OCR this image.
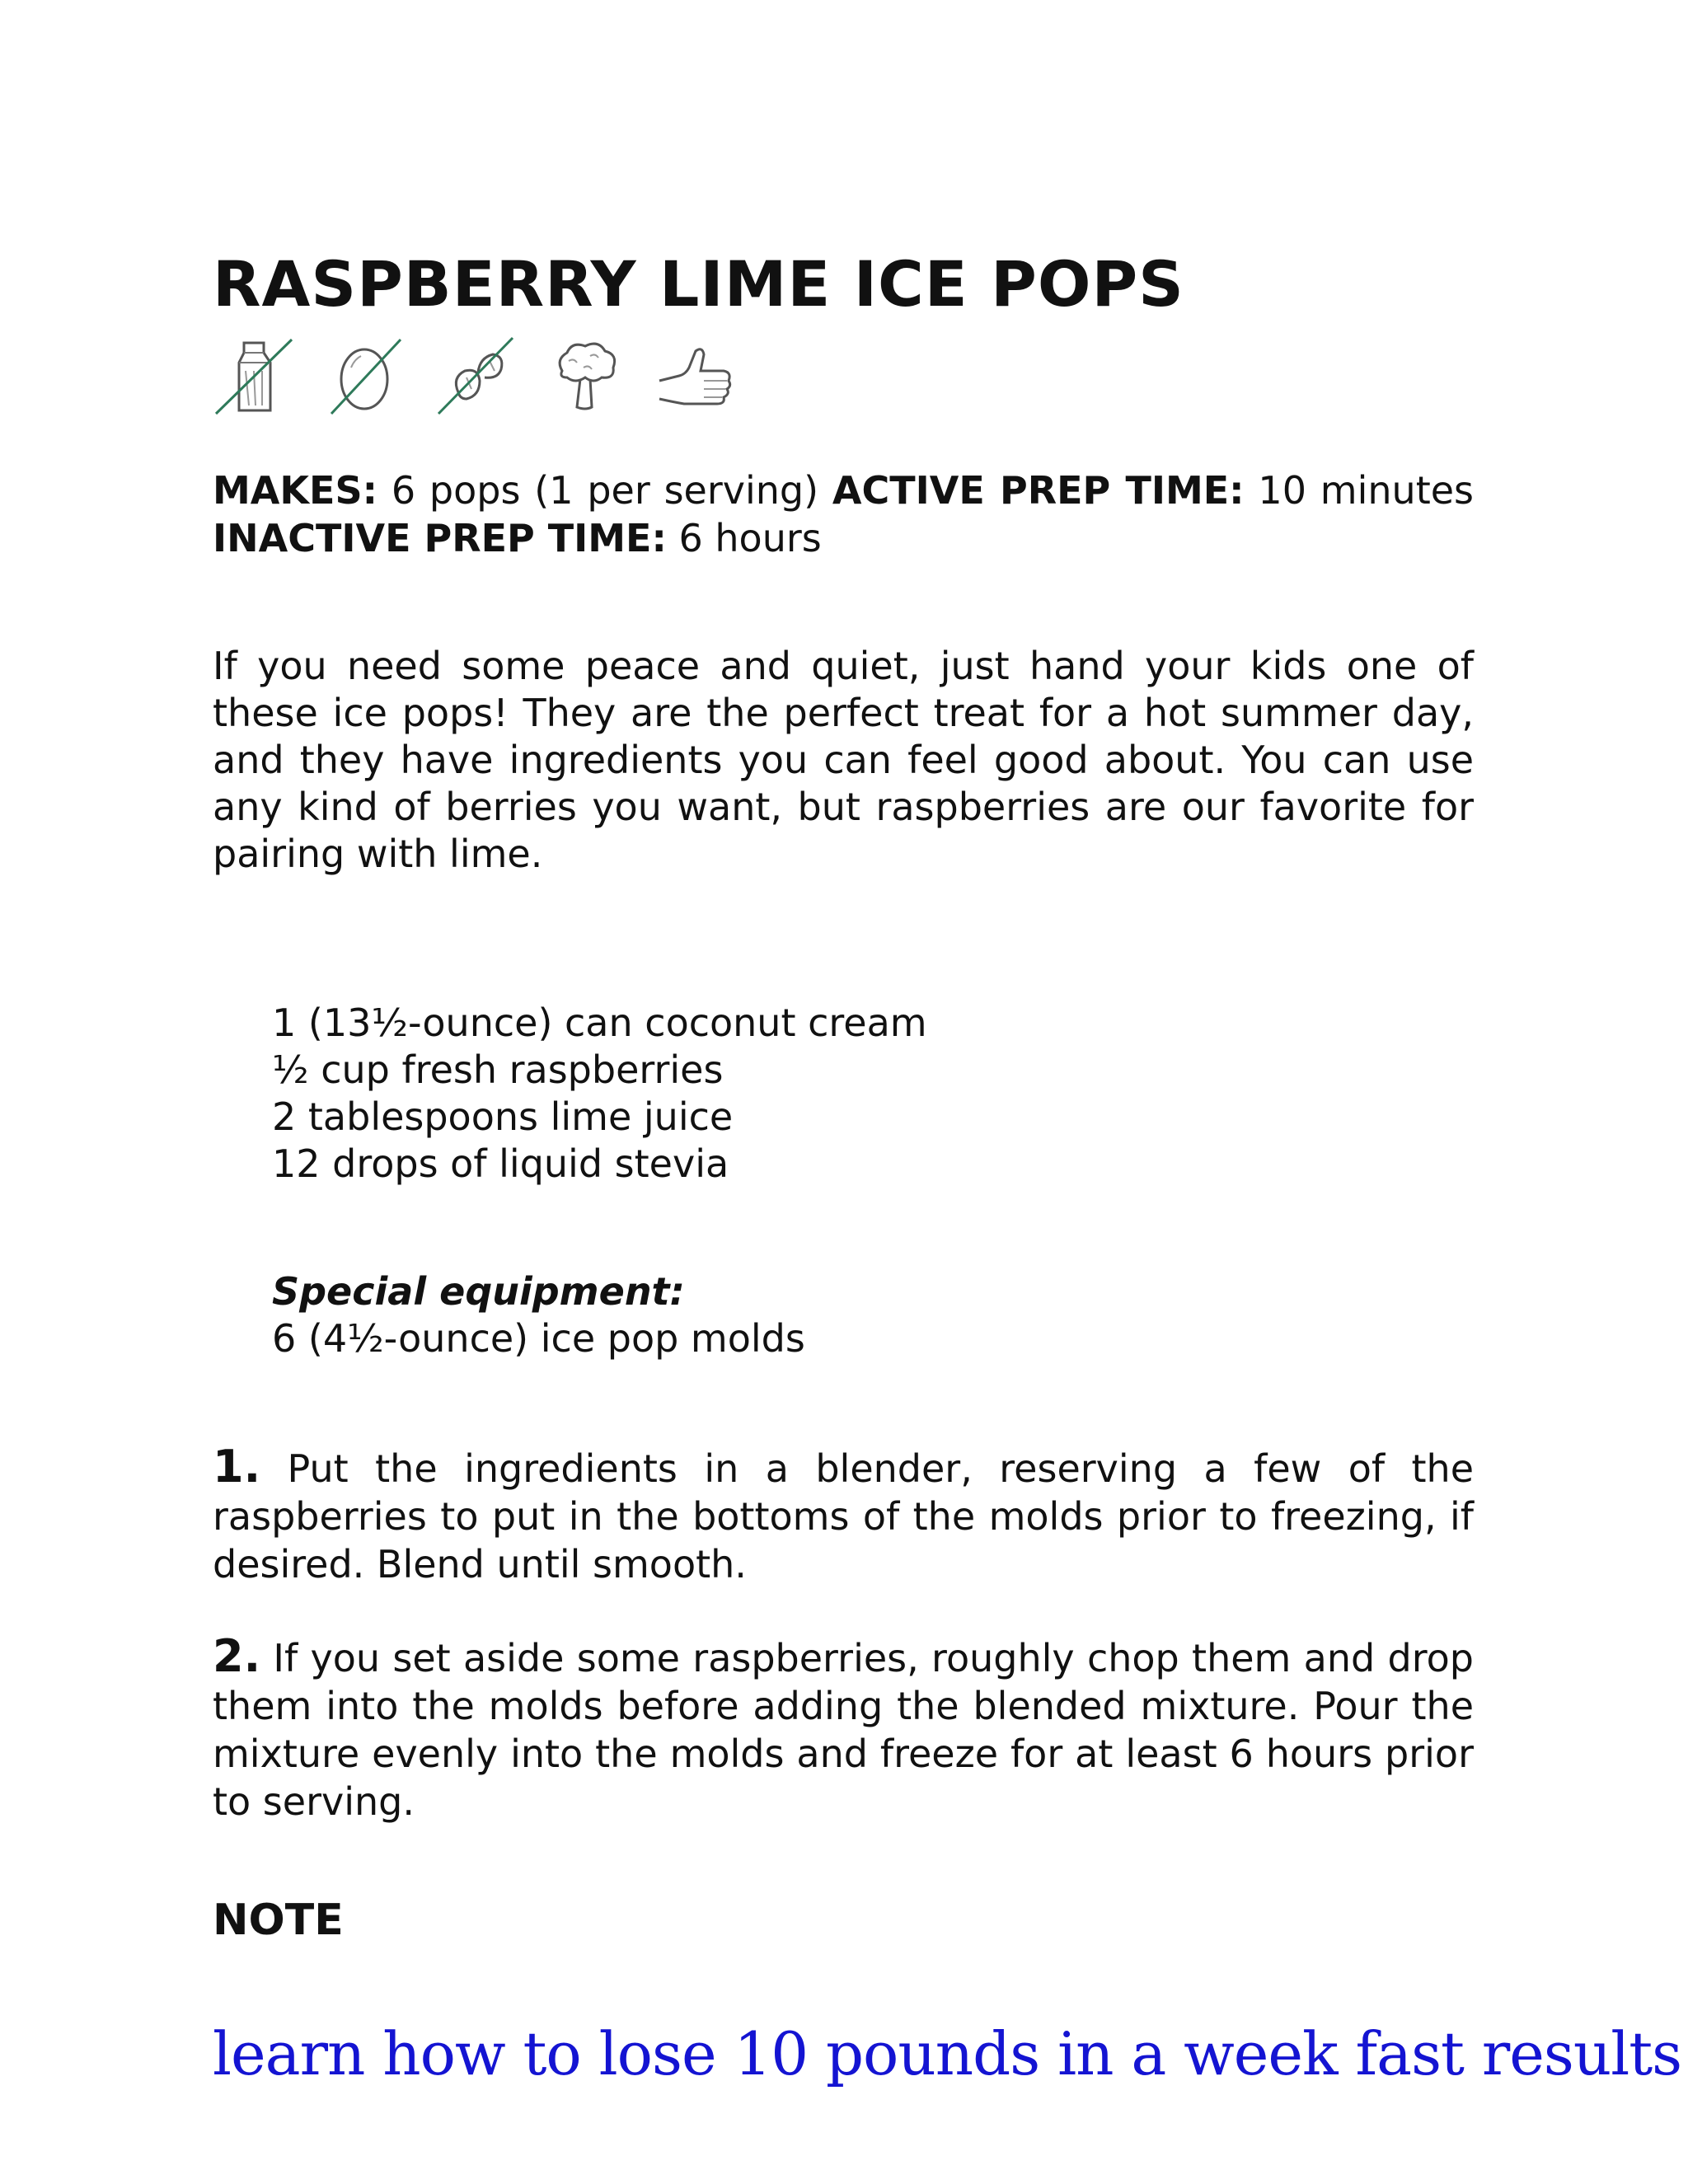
RASPBERRY LIME ICE POPS
MAKES: 6 pops (1 per serving) ACTIVE PREP TIME: 10 minutes INACTIVE PREP TIME: 6 hours

If you need some peace and quiet, just hand your kids one of these ice pops! They are the perfect treat for a hot summer day, and they have ingredients you can feel good about. You can use any kind of berries you want, but raspberries are our favorite for pairing with lime.

1 (13½-ounce) can coconut cream
½ cup fresh raspberries
2 tablespoons lime juice
12 drops of liquid stevia
Special equipment:
6 (4½-ounce) ice pop molds
1. Put the ingredients in a blender, reserving a few of the raspberries to put in the bottoms of the molds prior to freezing, if desired. Blend until smooth.
2. If you set aside some raspberries, roughly chop them and drop them into the molds before adding the blended mixture. Pour the mixture evenly into the molds and freeze for at least 6 hours prior to serving.
NOTE
learn how to lose 10 pounds in a week fast results
